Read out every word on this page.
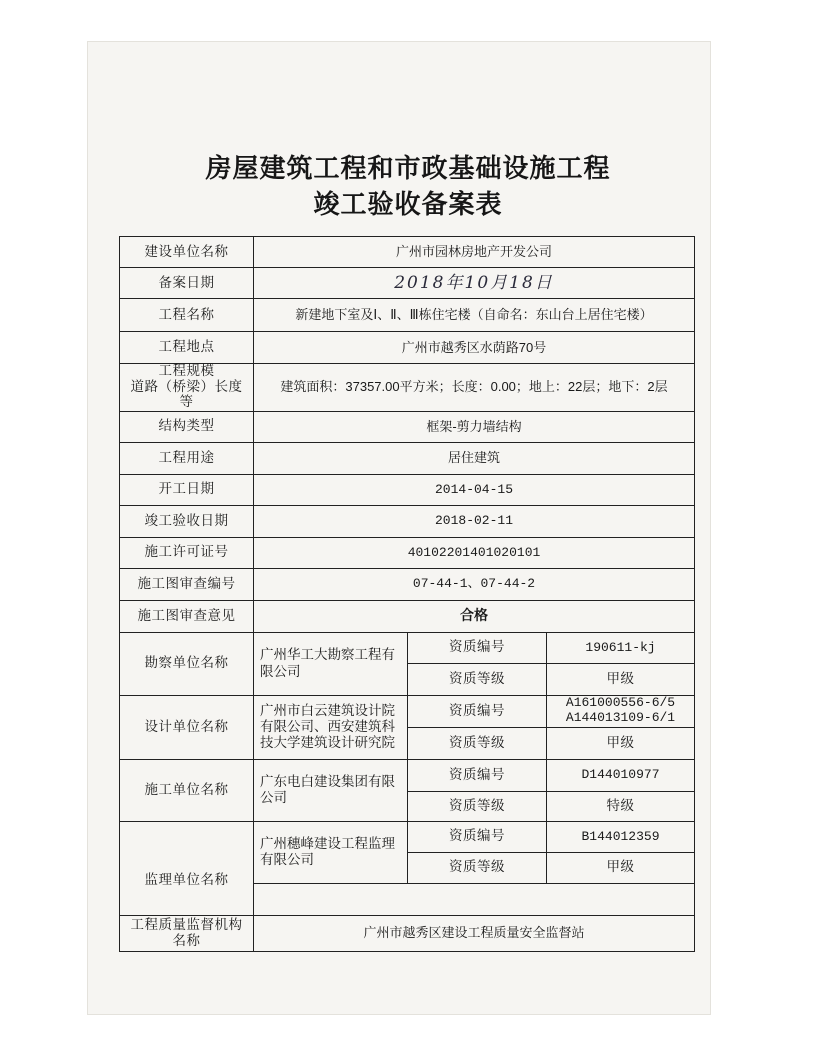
房屋建筑工程和市政基础设施工程
竣工验收备案表
建设单位名称	广州市园林房地产开发公司		
备案日期	2018年10月18日		
工程名称	新建地下室及Ⅰ、Ⅱ、Ⅲ栋住宅楼（自命名：东山台上居住宅楼）		
工程地点	广州市越秀区水荫路70号		

工程规模
道路（桥梁）长度等	建筑面积：37357.00平方米；长度：0.00；地上：22层；地下：2层		
结构类型	框架-剪力墙结构		
工程用途	居住建筑		
开工日期	2014-04-15		
竣工验收日期	2018-02-11		
施工许可证号	40102201401020101		
施工图审查编号	07-44-1、07-44-2		
施工图审查意见	合格		
勘察单位名称	广州华工大勘察工程有限公司	资质编号	190611-kj
		资质等级	甲级
设计单位名称	广州市白云建筑设计院有限公司、西安建筑科技大学建筑设计研究院	资质编号	A161000556-6/5
A144013109-6/1

		资质等级	甲级
施工单位名称	广东电白建设集团有限公司	资质编号	D144010977
		资质等级	特级
监理单位名称	广州穗峰建设工程监理有限公司	资质编号	B144012359
		资质等级	甲级

工程质量监督机构名称	广州市越秀区建设工程质量安全监督站		
